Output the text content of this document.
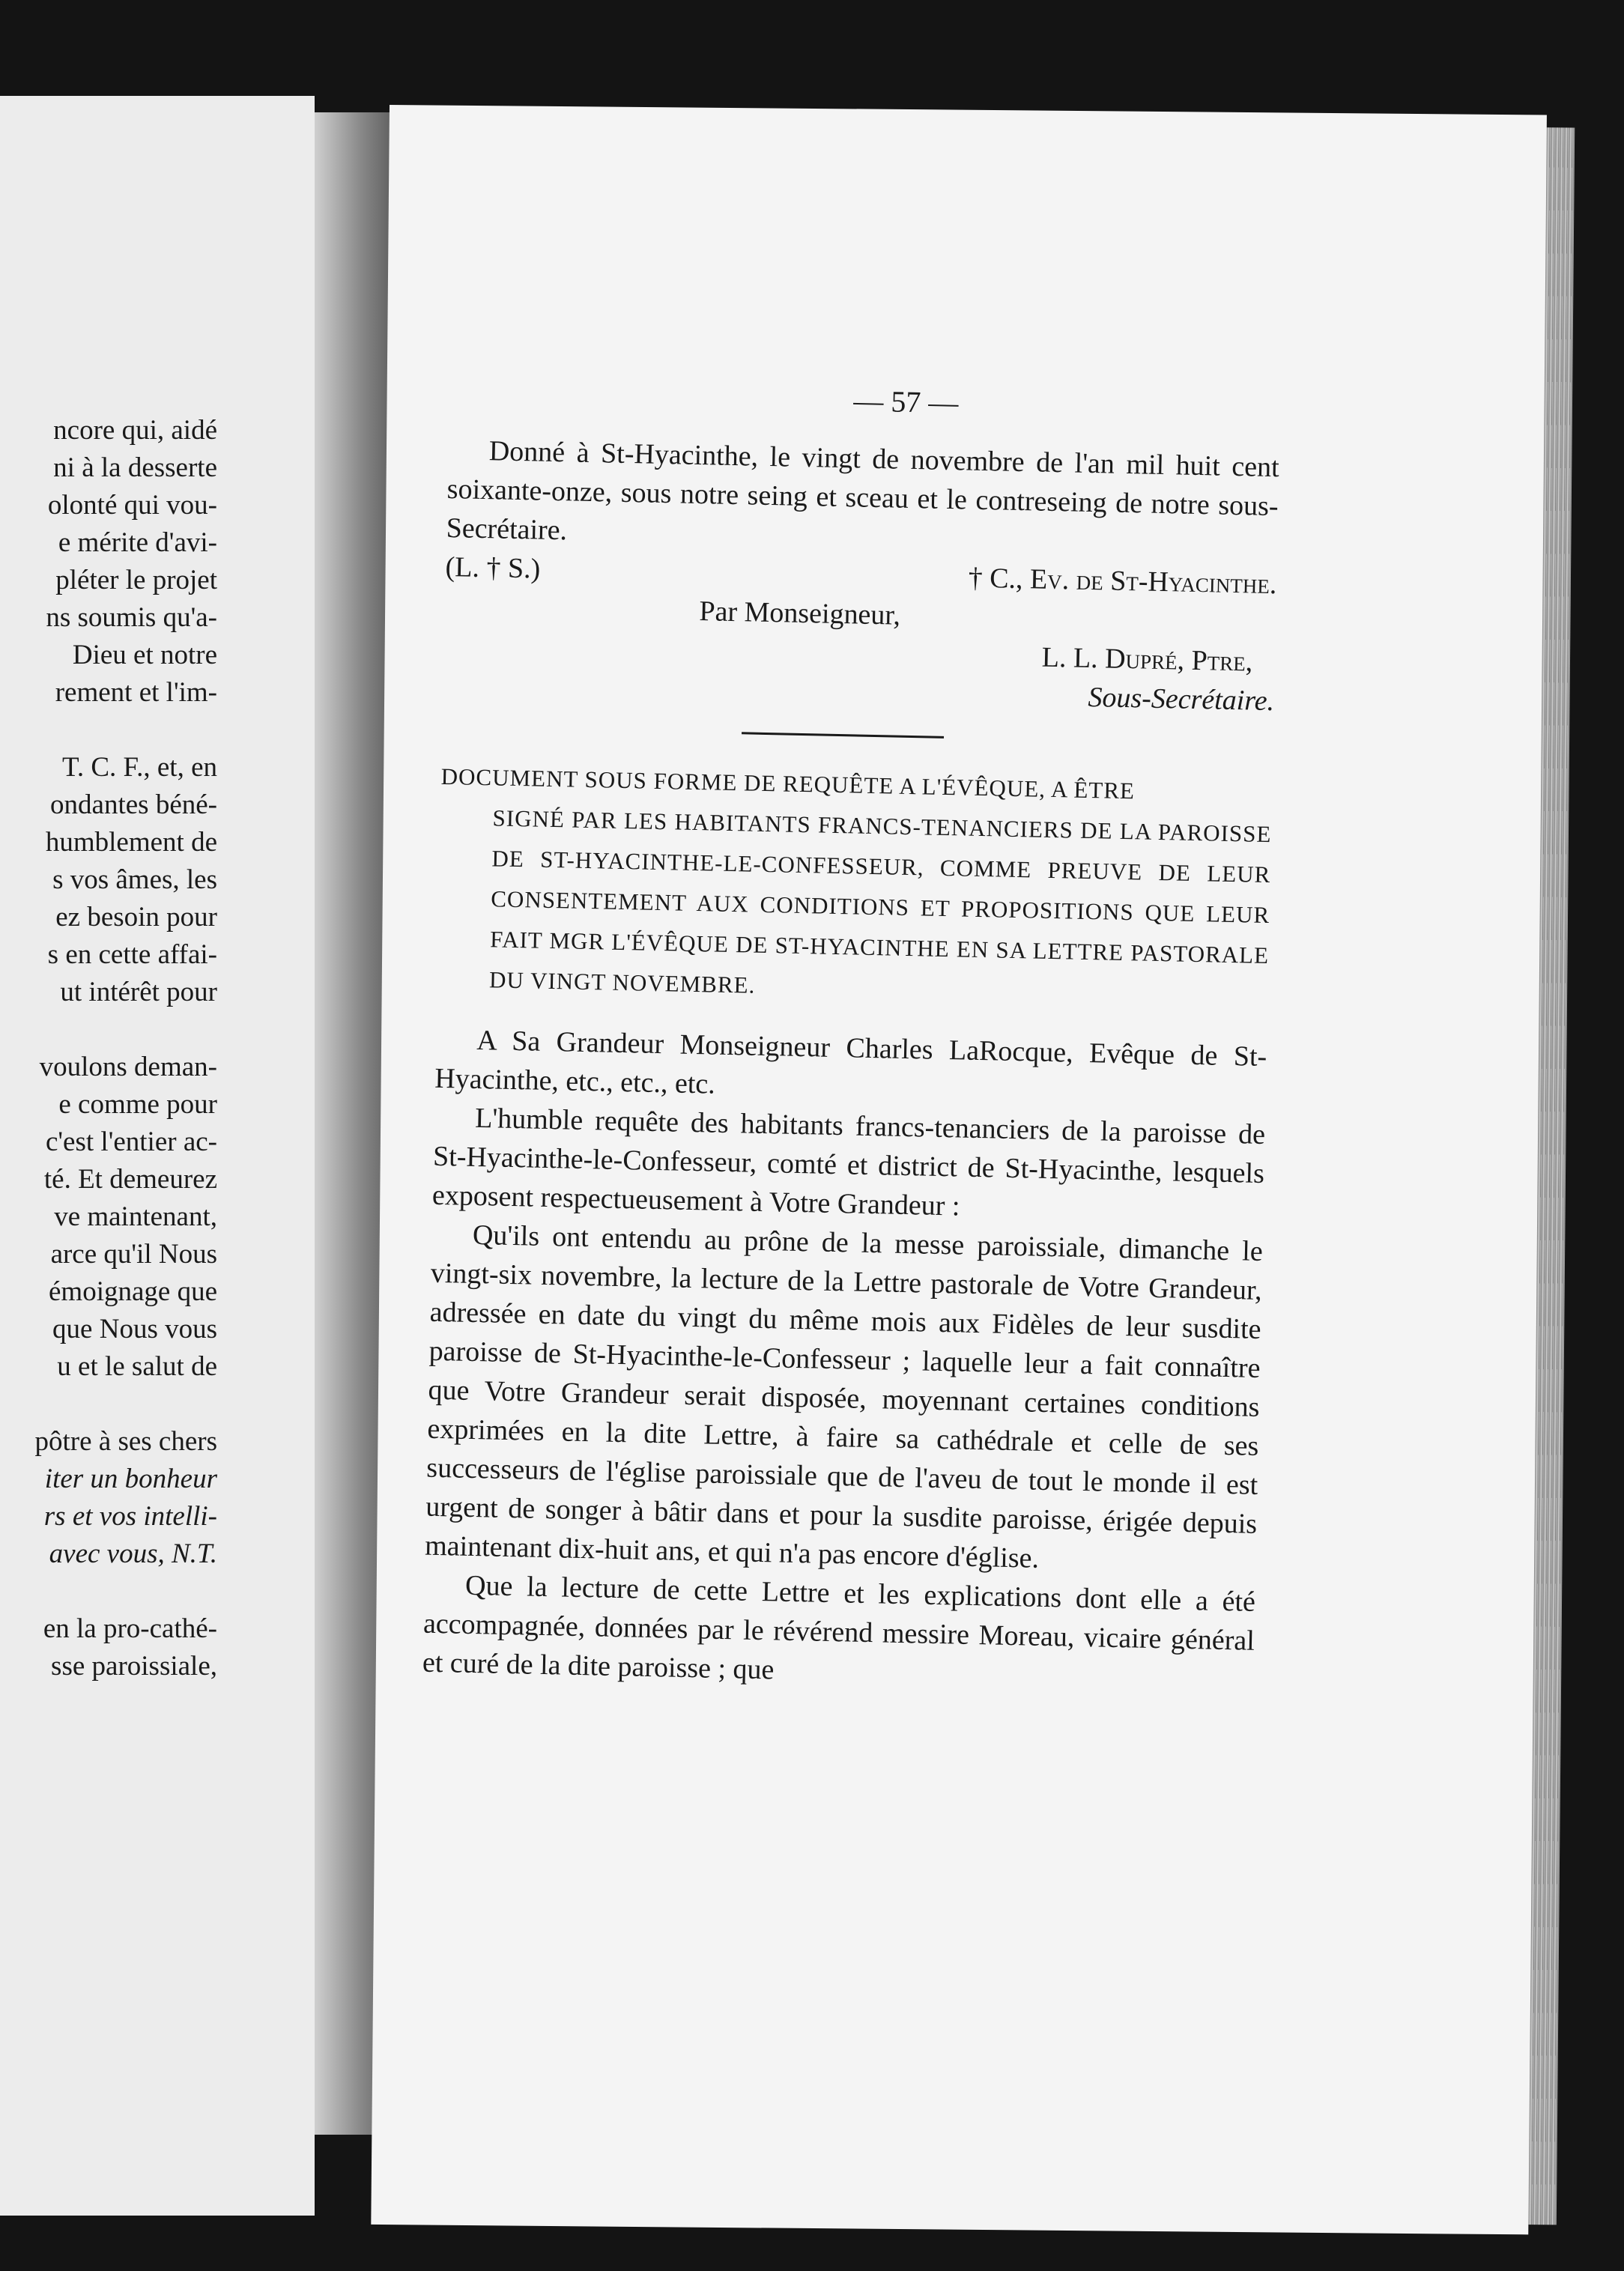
ncore qui, aidé
ni à la desserte
olonté qui vou-
e mérite d'avi-
pléter le projet
ns soumis qu'a-
Dieu et notre
rement et l'im-
T. C. F., et, en
ondantes béné-
humblement de
s vos âmes, les
ez besoin pour
s en cette affai-
ut intérêt pour
voulons deman-
e comme pour
c'est l'entier ac-
té. Et demeurez
ve maintenant,
arce qu'il Nous
émoignage que
que Nous vous
u et le salut de
pôtre à ses chers
iter un bonheur
rs et vos intelli-
avec vous, N.T.
en la pro-cathé-
sse paroissiale,
— 57 —

Donné à St-Hyacinthe, le vingt de novembre de l'an mil huit cent soixante-onze, sous notre seing et sceau et le contreseing de notre sous-Secrétaire.

(L. † S.)	† C., Ev. de St-Hyacinthe.
Par Monseigneur,
L. L. Dupré, Ptre,
Sous-Secrétaire.
DOCUMENT SOUS FORME DE REQUÊTE A L'ÉVÊQUE, A ÊTRE
SIGNÉ PAR LES HABITANTS FRANCS-TENANCIERS DE LA PAROISSE DE ST-HYACINTHE-LE-CONFESSEUR, COMME PREUVE DE LEUR CONSENTEMENT AUX CONDITIONS ET PROPOSITIONS QUE LEUR FAIT MGR L'ÉVÊQUE DE ST-HYACINTHE EN SA LETTRE PASTORALE DU VINGT NOVEMBRE.

A Sa Grandeur Monseigneur Charles LaRocque, Evêque de St-Hyacinthe, etc., etc., etc.

L'humble requête des habitants francs-tenanciers de la paroisse de St-Hyacinthe-le-Confesseur, comté et district de St-Hyacinthe, lesquels exposent respectueusement à Votre Grandeur :

Qu'ils ont entendu au prône de la messe paroissiale, dimanche le vingt-six novembre, la lecture de la Lettre pastorale de Votre Grandeur, adressée en date du vingt du même mois aux Fidèles de leur susdite paroisse de St-Hyacinthe-le-Confesseur ; laquelle leur a fait connaître que Votre Grandeur serait disposée, moyennant certaines conditions exprimées en la dite Lettre, à faire sa cathédrale et celle de ses successeurs de l'église paroissiale que de l'aveu de tout le monde il est urgent de songer à bâtir dans et pour la susdite paroisse, érigée depuis maintenant dix-huit ans, et qui n'a pas encore d'église.

Que la lecture de cette Lettre et les explications dont elle a été accompagnée, données par le révérend messire Moreau, vicaire général et curé de la dite paroisse ; que
